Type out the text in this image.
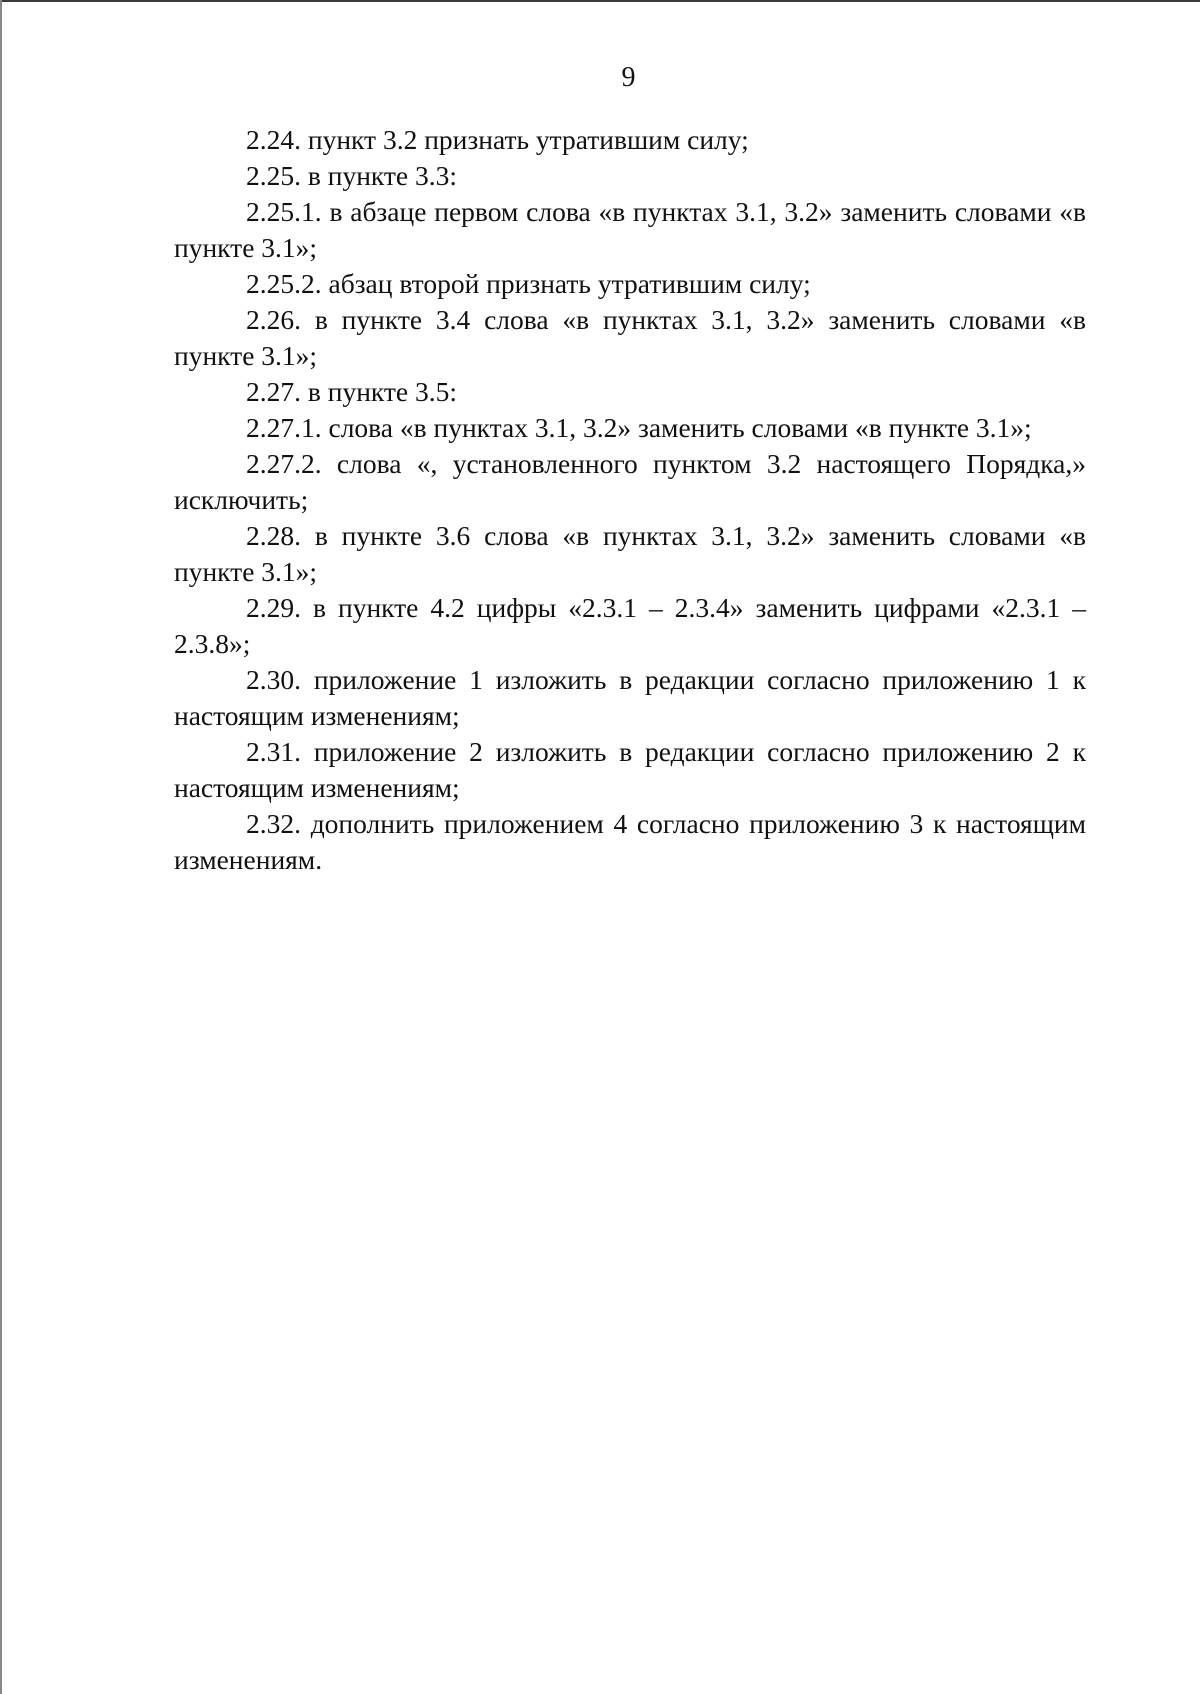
9

2.24. пункт 3.2 признать утратившим силу;

2.25. в пункте 3.3:

2.25.1. в абзаце первом слова «в пунктах 3.1, 3.2» заменить словами «в пункте 3.1»;

2.25.2. абзац второй признать утратившим силу;

2.26. в пункте 3.4 слова «в пунктах 3.1, 3.2» заменить словами «в пункте 3.1»;

2.27. в пункте 3.5:

2.27.1. слова «в пунктах 3.1, 3.2» заменить словами «в пункте 3.1»;

2.27.2. слова «, установленного пунктом 3.2 настоящего Порядка,» исключить;

2.28. в пункте 3.6 слова «в пунктах 3.1, 3.2» заменить словами «в пункте 3.1»;

2.29. в пункте 4.2 цифры «2.3.1 – 2.3.4» заменить цифрами «2.3.1 – 2.3.8»;

2.30. приложение 1 изложить в редакции согласно приложению 1 к настоящим изменениям;

2.31. приложение 2 изложить в редакции согласно приложению 2 к настоящим изменениям;

2.32. дополнить приложением 4 согласно приложению 3 к настоящим изменениям.
